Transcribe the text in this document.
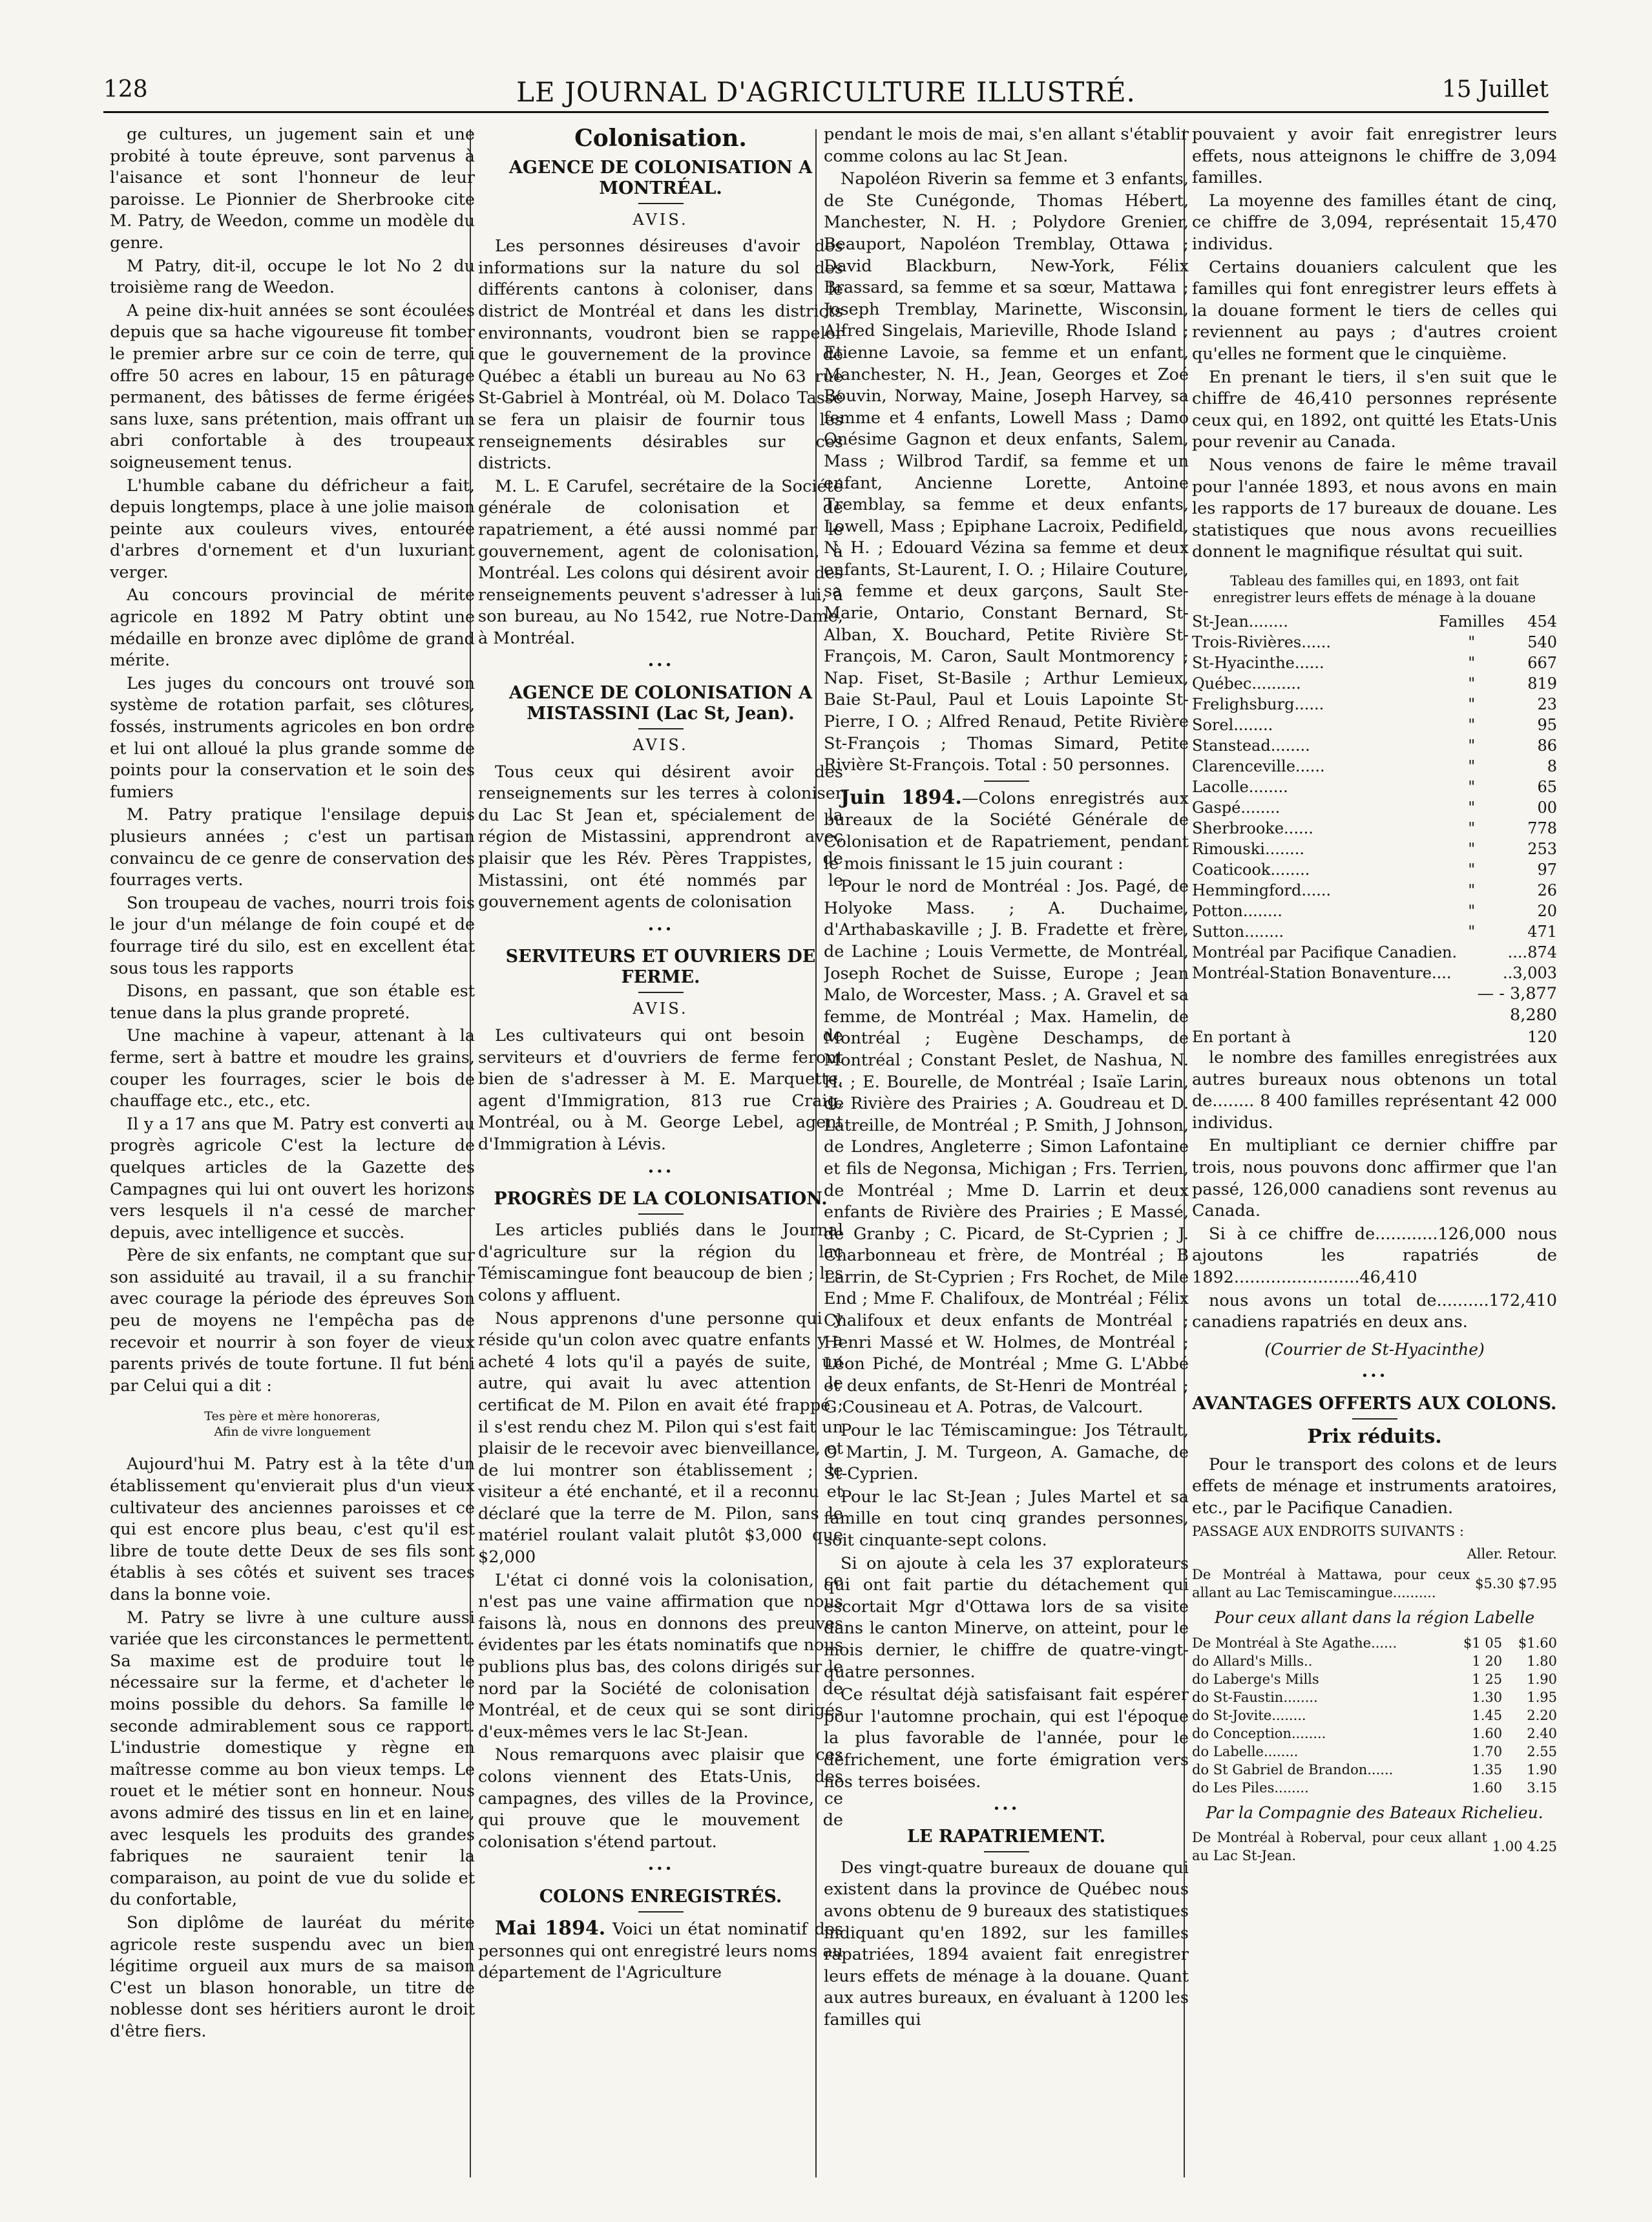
128	LE JOURNAL D'AGRICULTURE ILLUSTRÉ.	15 Juillet

ge cultures, un jugement sain et une probité à toute épreuve, sont parvenus à l'aisance et sont l'honneur de leur paroisse. Le Pionnier de Sherbrooke cite M. Patry, de Weedon, comme un modèle du genre.

M Patry, dit-il, occupe le lot No 2 du troisième rang de Weedon.

A peine dix-huit années se sont écoulées depuis que sa hache vigoureuse fit tomber le premier arbre sur ce coin de terre, qui offre 50 acres en labour, 15 en pâturage permanent, des bâtisses de ferme érigées sans luxe, sans prétention, mais offrant un abri confortable à des troupeaux soigneusement tenus.

L'humble cabane du défricheur a fait, depuis longtemps, place à une jolie maison peinte aux couleurs vives, entourée d'arbres d'ornement et d'un luxuriant verger.

Au concours provincial de mérite agricole en 1892 M Patry obtint une médaille en bronze avec diplôme de grand mérite.

Les juges du concours ont trouvé son système de rotation parfait, ses clôtures, fossés, instruments agricoles en bon ordre et lui ont alloué la plus grande somme de points pour la conservation et le soin des fumiers

M. Patry pratique l'ensilage depuis plusieurs années ; c'est un partisan convaincu de ce genre de conservation des fourrages verts.

Son troupeau de vaches, nourri trois fois le jour d'un mélange de foin coupé et de fourrage tiré du silo, est en excellent état sous tous les rapports

Disons, en passant, que son étable est tenue dans la plus grande propreté.

Une machine à vapeur, attenant à la ferme, sert à battre et moudre les grains, couper les fourrages, scier le bois de chauffage etc., etc., etc.

Il y a 17 ans que M. Patry est converti au progrès agricole C'est la lecture de quelques articles de la Gazette des Campagnes qui lui ont ouvert les horizons vers lesquels il n'a cessé de marcher depuis, avec intelligence et succès.

Père de six enfants, ne comptant que sur son assiduité au travail, il a su franchir avec courage la période des épreuves Son peu de moyens ne l'empêcha pas de recevoir et nourrir à son foyer de vieux parents privés de toute fortune. Il fut béni par Celui qui a dit :

Tes père et mère honoreras,
Afin de vivre longuement

Aujourd'hui M. Patry est à la tête d'un établissement qu'envierait plus d'un vieux cultivateur des anciennes paroisses et ce qui est encore plus beau, c'est qu'il est libre de toute dette Deux de ses fils sont établis à ses côtés et suivent ses traces dans la bonne voie.

M. Patry se livre à une culture aussi variée que les circonstances le permettent. Sa maxime est de produire tout le nécessaire sur la ferme, et d'acheter le moins possible du dehors. Sa famille le seconde admirablement sous ce rapport. L'industrie domestique y règne en maîtresse comme au bon vieux temps. Le rouet et le métier sont en honneur. Nous avons admiré des tissus en lin et en laine, avec lesquels les produits des grandes fabriques ne sauraient tenir la comparaison, au point de vue du solide et du confortable,

Son diplôme de lauréat du mérite agricole reste suspendu avec un bien légitime orgueil aux murs de sa maison C'est un blason honorable, un titre de noblesse dont ses héritiers auront le droit d'être fiers.

Colonisation.
AGENCE DE COLONISATION A MONTRÉAL.
AVIS.

Les personnes désireuses d'avoir des informations sur la nature du sol des différents cantons à coloniser, dans le district de Montréal et dans les districts environnants, voudront bien se rappeler que le gouvernement de la province de Québec a établi un bureau au No 63 rue St-Gabriel à Montréal, où M. Dolaco Tassé se fera un plaisir de fournir tous les renseignements désirables sur ces districts.

M. L. E Carufel, secrétaire de la Société générale de colonisation et de rapatriement, a été aussi nommé par le gouvernement, agent de colonisation, à Montréal. Les colons qui désirent avoir des renseignements peuvent s'adresser à lui, à son bureau, au No 1542, rue Notre-Dame, à Montréal.

•••
AGENCE DE COLONISATION A MISTASSINI (Lac St, Jean).
AVIS.

Tous ceux qui désirent avoir des renseignements sur les terres à coloniser du Lac St Jean et, spécialement de la région de Mistassini, apprendront avec plaisir que les Rév. Pères Trappistes, de Mistassini, ont été nommés par le gouvernement agents de colonisation

•••
SERVITEURS ET OUVRIERS DE FERME.
AVIS.

Les cultivateurs qui ont besoin de serviteurs et d'ouvriers de ferme feront bien de s'adresser à M. E. Marquette, agent d'Immigration, 813 rue Craig, Montréal, ou à M. George Lebel, agent d'Immigration à Lévis.

•••
PROGRÈS DE LA COLONISATION.

Les articles publiés dans le Journal d'agriculture sur la région du lac Témiscamingue font beaucoup de bien ; les colons y affluent.

Nous apprenons d'une personne qui y réside qu'un colon avec quatre enfants y a acheté 4 lots qu'il a payés de suite, un autre, qui avait lu avec attention le certificat de M. Pilon en avait été frappé ; il s'est rendu chez M. Pilon qui s'est fait un plaisir de le recevoir avec bienveillance, et de lui montrer son établissement ; le visiteur a été enchanté, et il a reconnu et déclaré que la terre de M. Pilon, sans le matériel roulant valait plutôt $3,000 que $2,000

L'état ci donné vois la colonisation, ce n'est pas une vaine affirmation que nous faisons là, nous en donnons des preuves évidentes par les états nominatifs que nous publions plus bas, des colons dirigés sur le nord par la Société de colonisation de Montréal, et de ceux qui se sont dirigés d'eux-mêmes vers le lac St-Jean.

Nous remarquons avec plaisir que ces colons viennent des Etats-Unis, des campagnes, des villes de la Province, ce qui prouve que le mouvement de colonisation s'étend partout.

•••
COLONS ENREGISTRÉS.

Mai 1894. Voici un état nominatif des personnes qui ont enregistré leurs noms au département de l'Agriculture

pendant le mois de mai, s'en allant s'établir comme colons au lac St Jean.

Napoléon Riverin sa femme et 3 enfants, de Ste Cunégonde, Thomas Hébert, Manchester, N. H. ; Polydore Grenier, Beauport, Napoléon Tremblay, Ottawa ; David Blackburn, New-York, Félix Brassard, sa femme et sa sœur, Mattawa ; Joseph Tremblay, Marinette, Wisconsin, Alfred Singelais, Marieville, Rhode Island ; Etienne Lavoie, sa femme et un enfant, Manchester, N. H., Jean, Georges et Zoé Bouvin, Norway, Maine, Joseph Harvey, sa femme et 4 enfants, Lowell Mass ; Damo Onésime Gagnon et deux enfants, Salem, Mass ; Wilbrod Tardif, sa femme et un enfant, Ancienne Lorette, Antoine Tremblay, sa femme et deux enfants, Lowell, Mass ; Epiphane Lacroix, Pedifield, N. H. ; Edouard Vézina sa femme et deux enfants, St-Laurent, I. O. ; Hilaire Couture, sa femme et deux garçons, Sault Ste-Marie, Ontario, Constant Bernard, St-Alban, X. Bouchard, Petite Rivière St-François, M. Caron, Sault Montmorency ; Nap. Fiset, St-Basile ; Arthur Lemieux, Baie St-Paul, Paul et Louis Lapointe St-Pierre, I O. ; Alfred Renaud, Petite Rivière St-François ; Thomas Simard, Petite Rivière St-François. Total : 50 personnes.

Juin 1894.—Colons enregistrés aux bureaux de la Société Générale de Colonisation et de Rapatriement, pendant le mois finissant le 15 juin courant :

Pour le nord de Montréal : Jos. Pagé, de Holyoke Mass. ; A. Duchaime, d'Arthabaskaville ; J. B. Fradette et frère, de Lachine ; Louis Vermette, de Montréal, Joseph Rochet de Suisse, Europe ; Jean Malo, de Worcester, Mass. ; A. Gravel et sa femme, de Montréal ; Max. Hamelin, de Montréal ; Eugène Deschamps, de Montréal ; Constant Peslet, de Nashua, N. H. ; E. Bourelle, de Montréal ; Isaïe Larin, de Rivière des Prairies ; A. Goudreau et D. Latreille, de Montréal ; P. Smith, J Johnson, de Londres, Angleterre ; Simon Lafontaine et fils de Negonsa, Michigan ; Frs. Terrien, de Montréal ; Mme D. Larrin et deux enfants de Rivière des Prairies ; E Massé, de Granby ; C. Picard, de St-Cyprien ; J. Charbonneau et frère, de Montréal ; B Larrin, de St-Cyprien ; Frs Rochet, de Mile End ; Mme F. Chalifoux, de Montréal ; Félix Chalifoux et deux enfants de Montréal ; Henri Massé et W. Holmes, de Montréal ; Léon Piché, de Montréal ; Mme G. L'Abbé et deux enfants, de St-Henri de Montréal ; G Cousineau et A. Potras, de Valcourt.

Pour le lac Témiscamingue: Jos Tétrault, O Martin, J. M. Turgeon, A. Gamache, de St-Cyprien.

Pour le lac St-Jean ; Jules Martel et sa famille en tout cinq grandes personnes, soit cinquante-sept colons.

Si on ajoute à cela les 37 explorateurs qui ont fait partie du détachement qui escortait Mgr d'Ottawa lors de sa visite dans le canton Minerve, on atteint, pour le mois dernier, le chiffre de quatre-vingt-quatre personnes.

Ce résultat déjà satisfaisant fait espérer pour l'automne prochain, qui est l'époque la plus favorable de l'année, pour le défrichement, une forte émigration vers nos terres boisées.

•••
LE RAPATRIEMENT.

Des vingt-quatre bureaux de douane qui existent dans la province de Québec nous avons obtenu de 9 bureaux des statistiques indiquant qu'en 1892, sur les familles rapatriées, 1894 avaient fait enregistrer leurs effets de ménage à la douane. Quant aux autres bureaux, en évaluant à 1200 les familles qui

pouvaient y avoir fait enregistrer leurs effets, nous atteignons le chiffre de 3,094 familles.

La moyenne des familles étant de cinq, ce chiffre de 3,094, représentait 15,470 individus.

Certains douaniers calculent que les familles qui font enregistrer leurs effets à la douane forment le tiers de celles qui reviennent au pays ; d'autres croient qu'elles ne forment que le cinquième.

En prenant le tiers, il s'en suit que le chiffre de 46,410 personnes représente ceux qui, en 1892, ont quitté les Etats-Unis pour revenir au Canada.

Nous venons de faire le même travail pour l'année 1893, et nous avons en main les rapports de 17 bureaux de douane. Les statistiques que nous avons recueillies donnent le magnifique résultat qui suit.

Tableau des familles qui, en 1893, ont fait enregistrer leurs effets de ménage à la douane
St-Jean........	Familles	454
Trois-Rivières......	"	540
St-Hyacinthe......	"	667
Québec..........	"	819
Frelighsburg......	"	23
Sorel........	"	95
Stanstead........	"	86
Clarenceville......	"	8
Lacolle........	"	65
Gaspé........	"	00
Sherbrooke......	"	778
Rimouski........	"	253
Coaticook........	"	97
Hemmingford......	"	26
Potton........	"	20
Sutton........	"	471
Montréal par Pacifique Canadien.	....874
Montréal-Station Bonaventure....	..3,003
— - 3,877
8,280
En portant à	120

le nombre des familles enregistrées aux autres bureaux nous obtenons un total de........ 8 400 familles représentant 42 000 individus.

En multipliant ce dernier chiffre par trois, nous pouvons donc affirmer que l'an passé, 126,000 canadiens sont revenus au Canada.

Si à ce chiffre de............126,000 nous ajoutons les rapatriés de 1892........................46,410

nous avons un total de..........172,410 canadiens rapatriés en deux ans.

(Courrier de St-Hyacinthe)
•••
AVANTAGES OFFERTS AUX COLONS.
Prix réduits.

Pour le transport des colons et de leurs effets de ménage et instruments aratoires, etc., par le Pacifique Canadien.

PASSAGE AUX ENDROITS SUIVANTS :
Aller. Retour.
De Montréal à Mattawa, pour ceux allant au Lac Temiscamingue..........	$5.30 $7.95
Pour ceux allant dans la région Labelle
De Montréal à Ste Agathe......	$1 05	$1.60
do Allard's Mills..	1 20	1.80
do Laberge's Mills	1 25	1.90
do St-Faustin........	1.30	1.95
do St-Jovite........	1.45	2.20
do Conception........	1.60	2.40
do Labelle........	1.70	2.55
do St Gabriel de Brandon......	1.35	1.90
do Les Piles........	1.60	3.15
Par la Compagnie des Bateaux Richelieu.
De Montréal à Roberval, pour ceux allant au Lac St-Jean.	1.00 4.25
